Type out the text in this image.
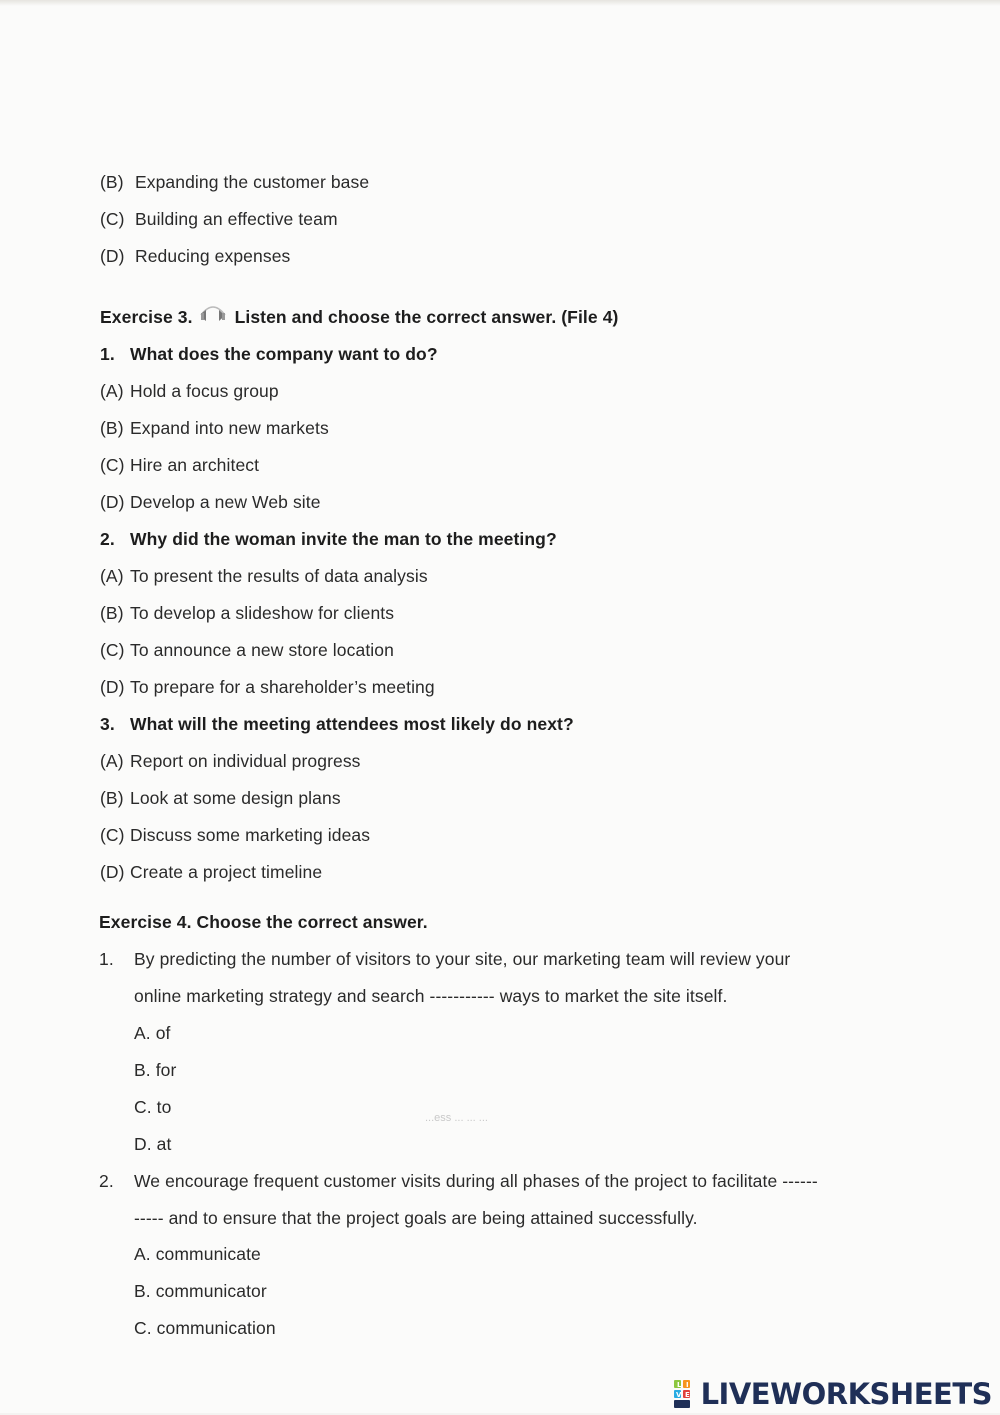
(B) Expanding the customer base
(C) Building an effective team
(D) Reducing expenses
Exercise 3. Listen and choose the correct answer. (File 4)
1. What does the company want to do?
(A) Hold a focus group
(B) Expand into new markets
(C) Hire an architect
(D) Develop a new Web site
2. Why did the woman invite the man to the meeting?
(A) To present the results of data analysis
(B) To develop a slideshow for clients
(C) To announce a new store location
(D) To prepare for a shareholder’s meeting
3. What will the meeting attendees most likely do next?
(A) Report on individual progress
(B) Look at some design plans
(C) Discuss some marketing ideas
(D) Create a project timeline
Exercise 4. Choose the correct answer.
1. By predicting the number of visitors to your site, our marketing team will review your
online marketing strategy and search ----------- ways to market the site itself.
A. of
B. for
C. to
D. at
...ess ... ... ...
2. We encourage frequent customer visits during all phases of the project to facilitate ------
----- and to ensure that the project goals are being attained successfully.
A. communicate
B. communicator
C. communication
L I
V E LIVEWORKSHEETS
